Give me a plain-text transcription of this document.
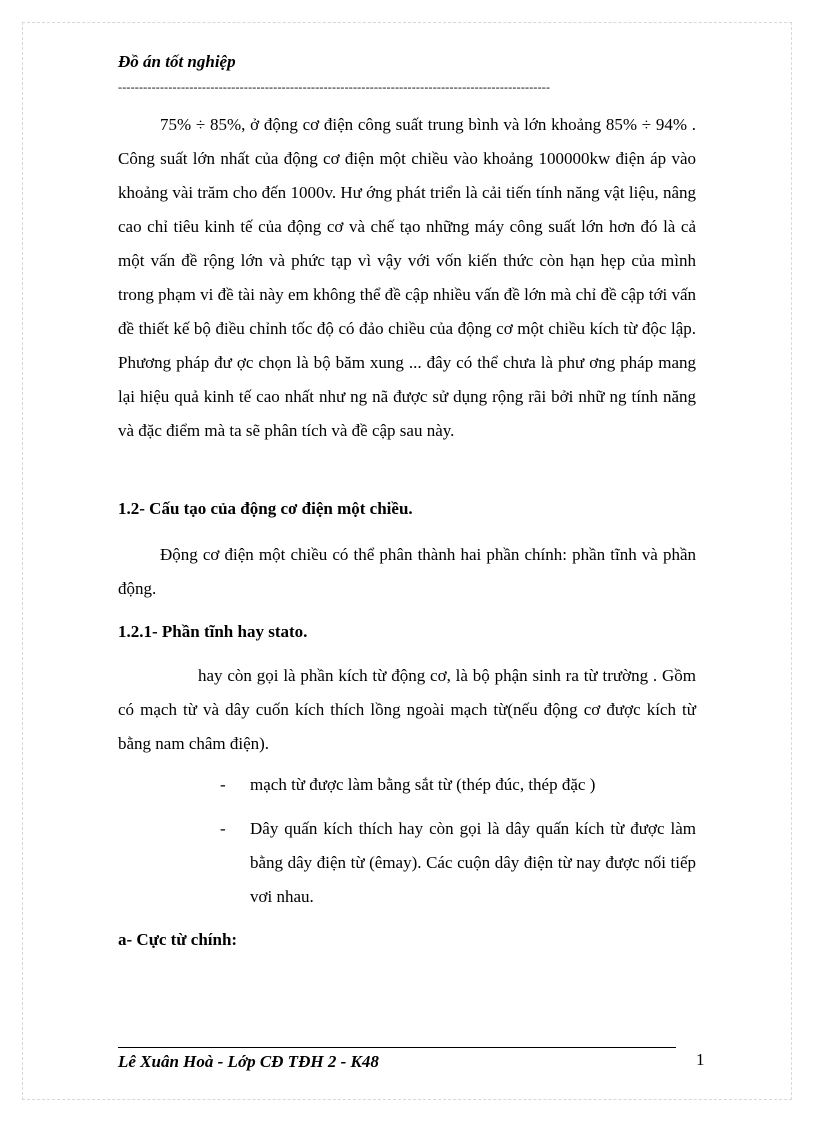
Đồ án tốt nghiệp
-------------------------------------------------------------------------------------------------------

75% ÷ 85%, ở động cơ điện công suất trung bình và lớn khoảng 85% ÷ 94% . Công suất lớn nhất của động cơ điện một chiều vào khoảng 100000kw điện áp vào khoảng vài trăm cho đến 1000v. Hư ớng phát triển là cải tiến tính năng vật liệu, nâng cao chỉ tiêu kinh tế của động cơ và chế tạo những máy công suất lớn hơn đó là cả một vấn đề rộng lớn và phức tạp vì vậy với vốn kiến thức còn hạn hẹp của mình trong phạm vi đề tài này em không thể đề cập nhiều vấn đề lớn mà chỉ đề cập tới vấn đề thiết kế bộ điều chỉnh tốc độ có đảo chiều của động cơ một chiều kích từ độc lập. Phương pháp đư ợc chọn là bộ băm xung ... đây có thể chưa là phư ơng pháp mang lại hiệu quả kinh tế cao nhất như ng nã được sử dụng rộng rãi bởi nhữ ng tính năng và đặc điểm mà ta sẽ phân tích và đề cập sau này.

1.2- Cấu tạo của động cơ điện một chiều.

Động cơ điện một chiều có thể phân thành hai phần chính: phần tĩnh và phần động.

1.2.1- Phần tĩnh hay stato.

hay còn gọi là phần kích từ động cơ, là bộ phận sinh ra từ trường . Gồm có mạch từ và dây cuốn kích thích lồng ngoài mạch từ(nếu động cơ được kích từ bằng nam châm điện).

-	mạch từ được làm bằng sắt từ (thép đúc, thép đặc )
-	Dây quấn kích thích hay còn gọi là dây quấn kích từ được làm bằng dây điện từ (êmay). Các cuộn dây điện từ nay được nối tiếp vơi nhau.

a- Cực từ chính:

Lê Xuân Hoà - Lớp CĐ TĐH 2 - K48	1
